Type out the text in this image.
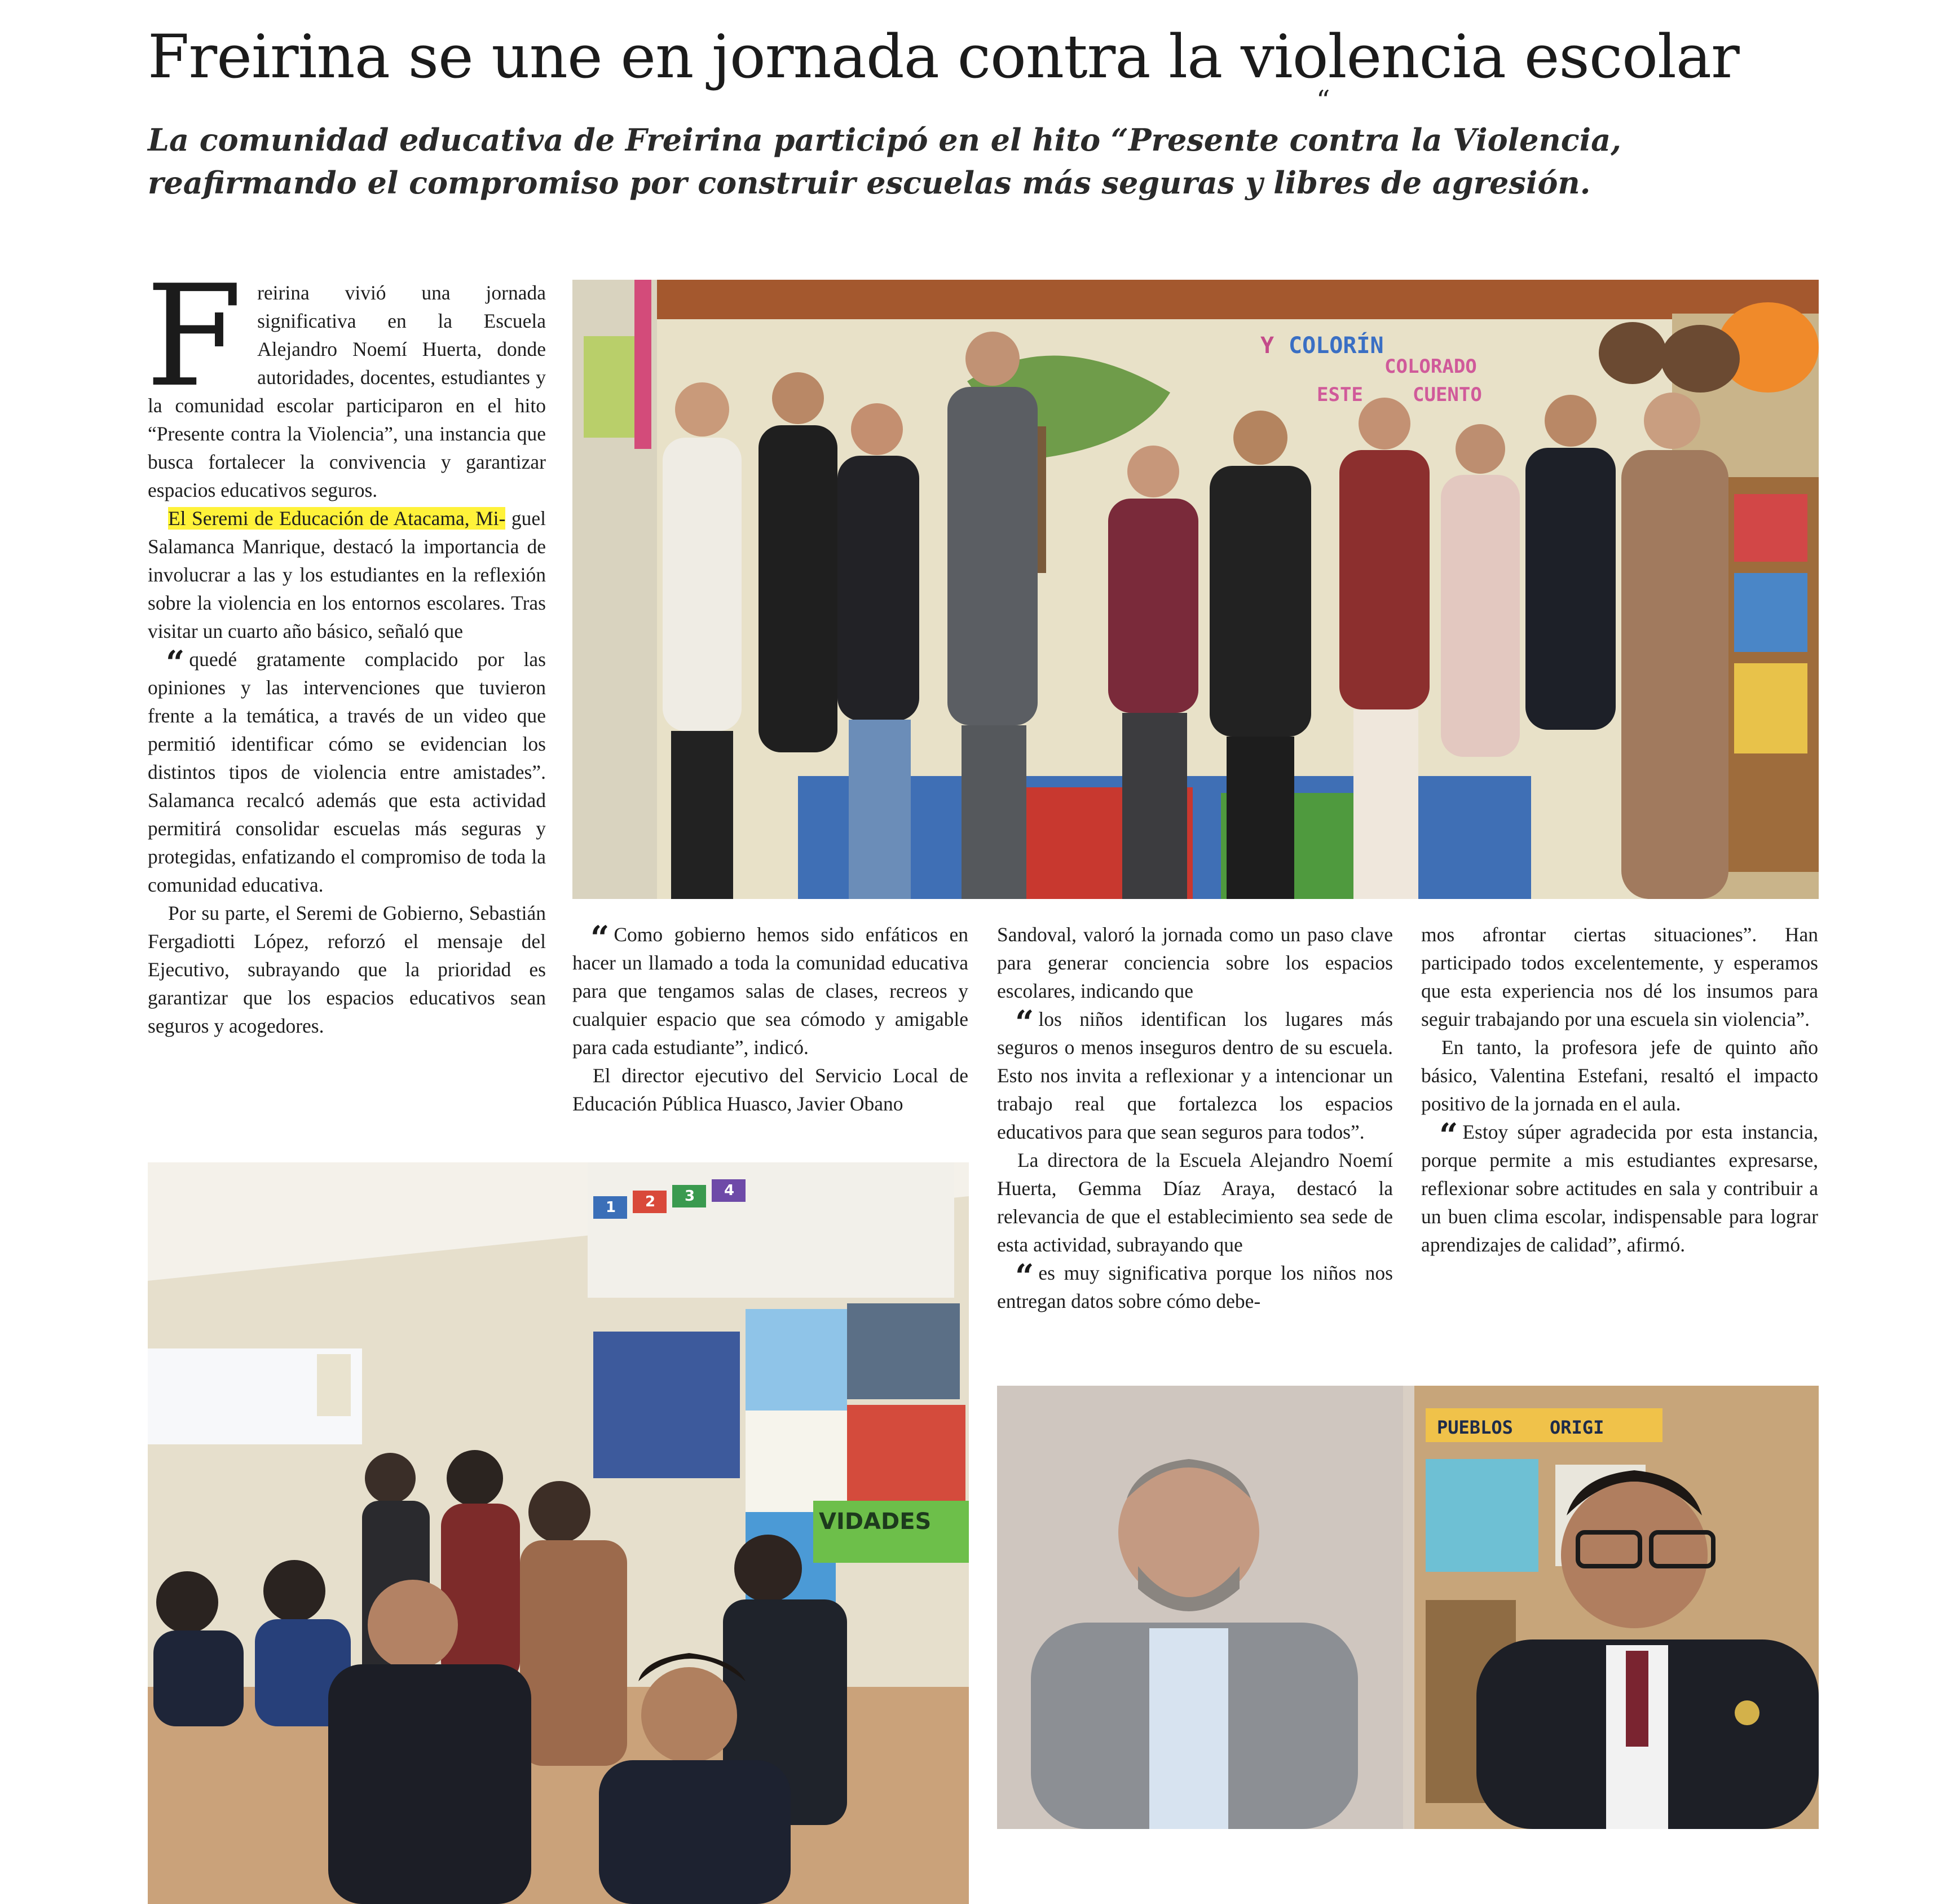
Freirina se une en jornada contra la violencia escolar
“
La comunidad educativa de Freirina participó en el hito “Presente contra la Violencia,
reafirmando el compromiso por construir escuelas más seguras y libres de agresión.

Freirina vivió una jornada significativa en la Escuela Alejandro Noemí Huerta, donde autoridades, docentes, estudiantes y la comunidad escolar participaron en el hito “Presente contra la Violencia”, una instancia que busca fortalecer la convivencia y garantizar espacios educativos seguros.

El Seremi de Educación de Atacama, Mi- guel Salamanca Manrique, destacó la importancia de involucrar a las y los estudiantes en la reflexión sobre la violencia en los entornos escolares. Tras visitar un cuarto año básico, señaló que

“ quedé gratamente complacido por las opiniones y las intervenciones que tuvieron frente a la temática, a través de un video que permitió identificar cómo se evidencian los distintos tipos de violencia entre amistades”. Salamanca recalcó además que esta actividad permitirá consolidar escuelas más seguras y protegidas, enfatizando el compromiso de toda la comunidad educativa.

Por su parte, el Seremi de Gobierno, Sebastián Fergadiotti López, reforzó el mensaje del Ejecutivo, subrayando que la prioridad es garantizar que los espacios educativos sean seguros y acogedores.

“ Como gobierno hemos sido enfáticos en hacer un llamado a toda la comunidad educativa para que tengamos salas de clases, recreos y cualquier espacio que sea cómodo y amigable para cada estudiante”, indicó.

El director ejecutivo del Servicio Local de Educación Pública Huasco, Javier Obano

Sandoval, valoró la jornada como un paso clave para generar conciencia sobre los espacios escolares, indicando que

“ los niños identifican los lugares más seguros o menos inseguros dentro de su escuela. Esto nos invita a reflexionar y a intencionar un trabajo real que fortalezca los espacios educativos para que sean seguros para todos”.

La directora de la Escuela Alejandro Noemí Huerta, Gemma Díaz Araya, destacó la relevancia de que el establecimiento sea sede de esta actividad, subrayando que

“ es muy significativa porque los niños nos entregan datos sobre cómo debe-

mos afrontar ciertas situaciones”. Han participado todos excelentemente, y esperamos que esta experiencia nos dé los insumos para seguir trabajando por una escuela sin violencia”.

En tanto, la profesora jefe de quinto año básico, Valentina Estefani, resaltó el impacto positivo de la jornada en el aula.

“ Estoy súper agradecida por esta instancia, porque permite a mis estudiantes expresarse, reflexionar sobre actitudes en sala y contribuir a un buen clima escolar, indispensable para lograr aprendizajes de calidad”, afirmó.

Y COLORÍN
COLORADO
ESTE	CUENTO
1 2 3 4
VIDADES
PUEBLOS ORIGI
